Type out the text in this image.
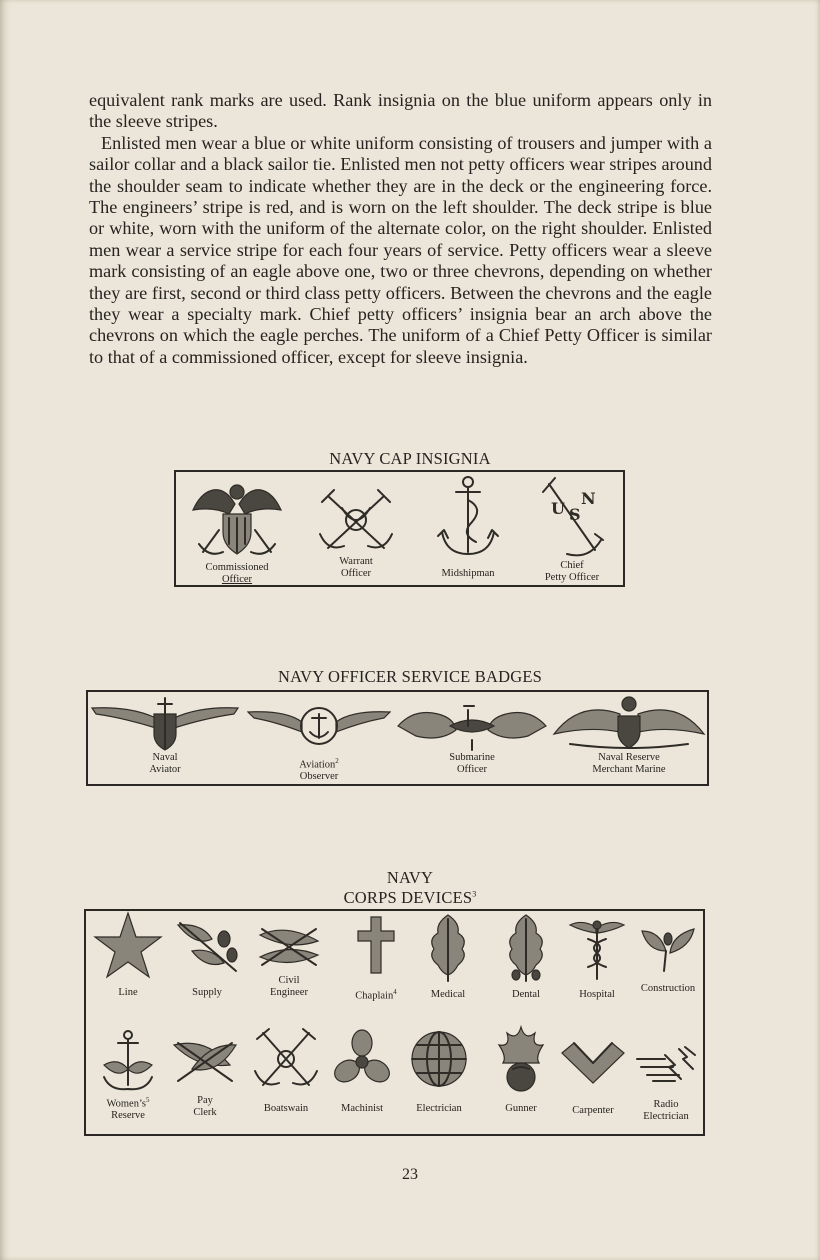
equivalent rank marks are used. Rank insignia on the blue uniform appears only in the sleeve stripes.

Enlisted men wear a blue or white uniform consisting of trousers and jumper with a sailor collar and a black sailor tie. Enlisted men not petty officers wear stripes around the shoulder seam to indicate whether they are in the deck or the engineering force. The engineers’ stripe is red, and is worn on the left shoulder. The deck stripe is blue or white, worn with the uniform of the alternate color, on the right shoulder. Enlisted men wear a service stripe for each four years of service. Petty officers wear a sleeve mark consisting of an eagle above one, two or three chevrons, depending on whether they are first, second or third class petty officers. Between the chevrons and the eagle they wear a specialty mark. Chief petty officers’ insignia bear an arch above the chevrons on which the eagle perches. The uniform of a Chief Petty Officer is similar to that of a commissioned officer, except for sleeve insignia.

NAVY CAP INSIGNIA
Commissioned
Officer
Warrant
Officer	Midshipman
U S
N
Chief
Petty Officer
NAVY OFFICER SERVICE BADGES
Naval
Aviator	Aviation$^2$
Observer
Submarine
Officer
Naval Reserve
Merchant Marine
NAVY
CORPS DEVICES$^3$
Line	Supply
Civil
Engineer	Chaplain$^4$	Medical	Dental	Hospital
Construction
$Women’s^5$
Reserve
Pay
Clerk	Boatswain	Machinist	Electrician	Gunner	Carpenter
Radio
Electrician
23
